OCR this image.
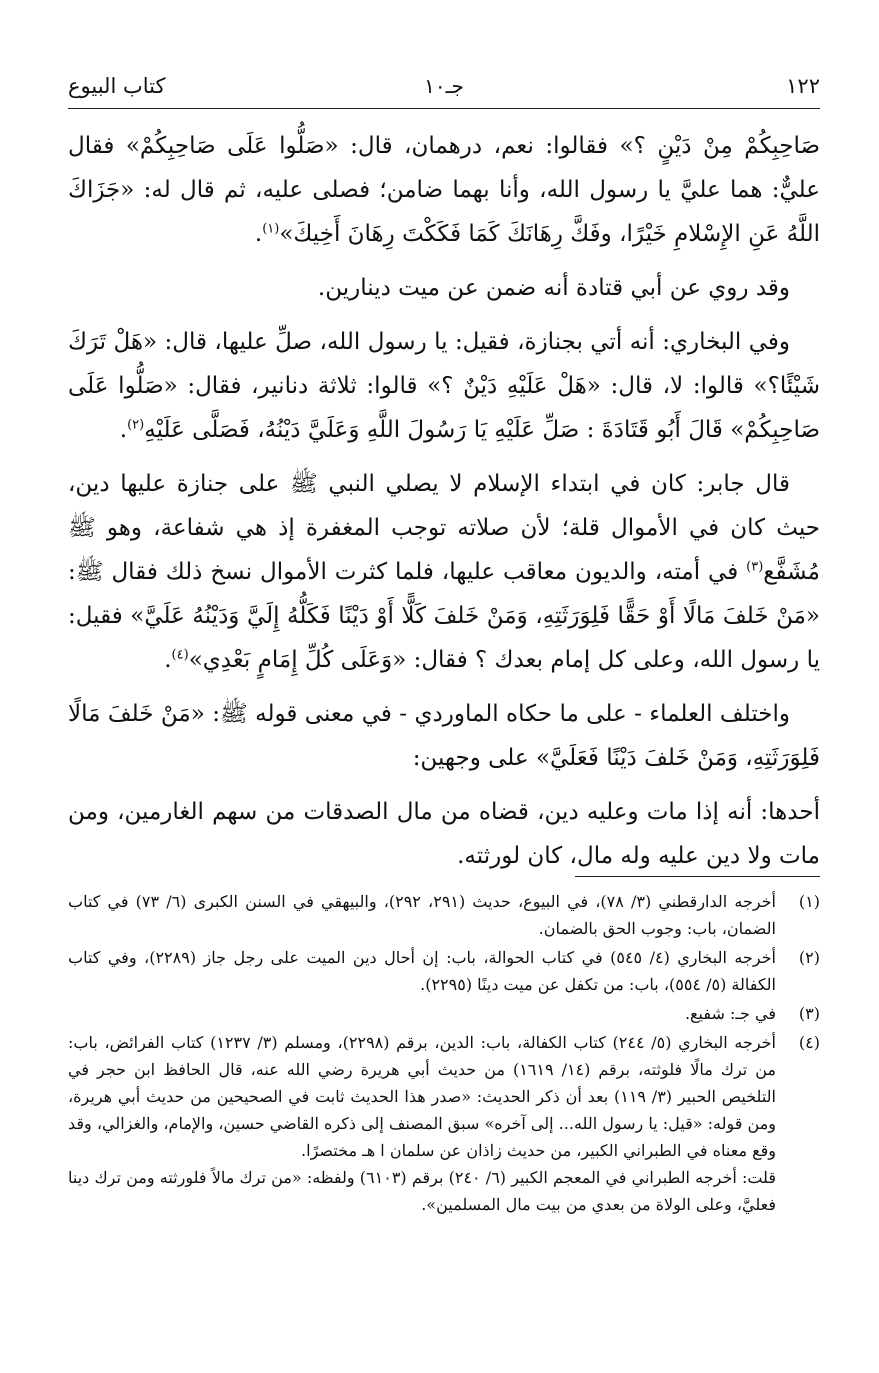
١٢٢
جـ١٠
كتاب البيوع

صَاحِبِكُمْ مِنْ دَيْنٍ ؟» فقالوا: نعم، درهمان، قال: «صَلُّوا عَلَى صَاحِبِكُمْ» فقال عليٌّ: هما عليَّ يا رسول الله، وأنا بهما ضامن؛ فصلى عليه، ثم قال له: «جَزَاكَ اللَّهُ عَنِ الإِسْلامِ خَيْرًا، وفَكَّ رِهَانَكَ كَمَا فَكَكْتَ رِهَانَ أَخِيكَ»$^{(١)}$.

وقد روي عن أبي قتادة أنه ضمن عن ميت دينارين.

وفي البخاري: أنه أتي بجنازة، فقيل: يا رسول الله، صلِّ عليها، قال: «هَلْ تَرَكَ شَيْئًا؟» قالوا: لا، قال: «هَلْ عَلَيْهِ دَيْنٌ ؟» قالوا: ثلاثة دنانير، فقال: «صَلُّوا عَلَى صَاحِبِكُمْ» قَالَ أَبُو قَتَادَةَ : صَلِّ عَلَيْهِ يَا رَسُولَ اللَّهِ وَعَلَيَّ دَيْنُهُ، فَصَلَّى عَلَيْهِ$^{(٢)}$.

قال جابر: كان في ابتداء الإسلام لا يصلي النبي ﷺ على جنازة عليها دين، حيث كان في الأموال قلة؛ لأن صلاته توجب المغفرة إذ هي شفاعة، وهو ﷺ مُشَفَّع$^{(٣)}$ في أمته، والديون معاقب عليها، فلما كثرت الأموال نسخ ذلك فقال ﷺ: «مَنْ خَلفَ مَالًا أَوْ حَقًّا فَلِوَرَثَتِهِ، وَمَنْ خَلفَ كَلًّا أَوْ دَيْنًا فَكَلُّهُ إِلَيَّ وَدَيْنُهُ عَلَيَّ» فقيل: يا رسول الله، وعلى كل إمام بعدك ؟ فقال: «وَعَلَى كُلِّ إِمَامٍ بَعْدِي»$^{(٤)}$.

واختلف العلماء - على ما حكاه الماوردي - في معنى قوله ﷺ: «مَنْ خَلفَ مَالًا فَلِوَرَثَتِهِ، وَمَنْ خَلفَ دَيْنًا فَعَلَيَّ» على وجهين:

أحدها: أنه إذا مات وعليه دين، قضاه من مال الصدقات من سهم الغارمين، ومن مات ولا دين عليه وله مال، كان لورثته.

(١)

أخرجه الدارقطني (٣/ ٧٨)، في البيوع، حديث (٢٩١، ٢٩٢)، والبيهقي في السنن الكبرى (٦/ ٧٣) في كتاب الضمان، باب: وجوب الحق بالضمان.

(٢)

أخرجه البخاري (٤/ ٥٤٥) في كتاب الحوالة، باب: إن أحال دين الميت على رجل جاز (٢٢٨٩)، وفي كتاب الكفالة (٥/ ٥٥٤)، باب: من تكفل عن ميت دينًا (٢٢٩٥).

(٣)

في جـ: شفيع.

(٤)

أخرجه البخاري (٥/ ٢٤٤) كتاب الكفالة، باب: الدين، برقم (٢٢٩٨)، ومسلم (٣/ ١٢٣٧) كتاب الفرائض، باب: من ترك مالًا فلوثته، برقم (١٤/ ١٦١٩) من حديث أبي هريرة رضي الله عنه، قال الحافظ ابن حجر في التلخيص الحبير (٣/ ١١٩) بعد أن ذكر الحديث: «صدر هذا الحديث ثابت في الصحيحين من حديث أبي هريرة، ومن قوله: «قيل: يا رسول الله... إلى آخره» سبق المصنف إلى ذكره القاضي حسين، والإمام، والغزالي، وقد وقع معناه في الطبراني الكبير، من حديث زاذان عن سلمان ا هـ مختصرًا.

قلت: أخرجه الطبراني في المعجم الكبير (٦/ ٢٤٠) برقم (٦١٠٣) ولفظه: «من ترك مالاً فلورثته ومن ترك دينا فعليَّ، وعلى الولاة من بعدي من بيت مال المسلمين».
